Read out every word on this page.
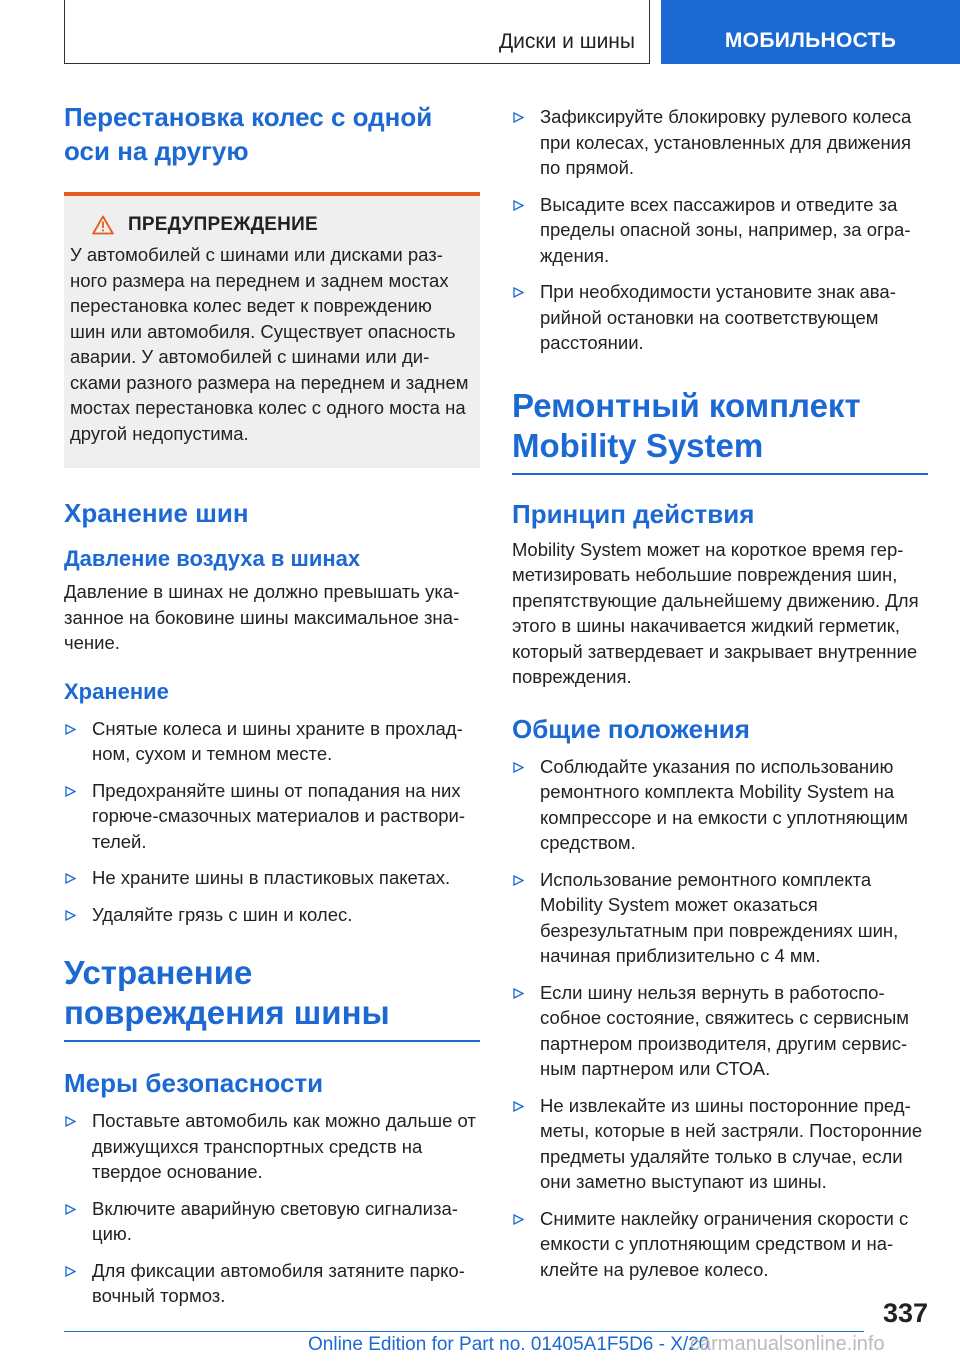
Диски и шины	МОБИЛЬНОСТЬ
Перестановка колес с одной оси на другую
ПРЕДУПРЕЖДЕНИЕ
У автомобилей с шинами или дисками разного размера на переднем и заднем мостах перестановка колес ведет к повреждению шин или автомобиля. Существует опасность аварии. У автомобилей с шинами или дисками разного размера на переднем и заднем мостах перестановка колес с одного моста на другой недопустима.
Хранение шин
Давление воздуха в шинах
Давление в шинах не должно превышать указанное на боковине шины максимальное значение.
Хранение
Снятые колеса и шины храните в прохладном, сухом и темном месте.
Предохраняйте шины от попадания на них горюче-смазочных материалов и растворителей.
Не храните шины в пластиковых пакетах.
Удаляйте грязь с шин и колес.
Устранение повреждения шины
Меры безопасности
Поставьте автомобиль как можно дальше от движущихся транспортных средств на твердое основание.
Включите аварийную световую сигнализацию.
Для фиксации автомобиля затяните парковочный тормоз.
Зафиксируйте блокировку рулевого колеса при колесах, установленных для движения по прямой.
Высадите всех пассажиров и отведите за пределы опасной зоны, например, за ограждения.
При необходимости установите знак аварийной остановки на соответствующем расстоянии.
Ремонтный комплект Mobility System
Принцип действия
Mobility System может на короткое время герметизировать небольшие повреждения шин, препятствующие дальнейшему движению. Для этого в шины накачивается жидкий герметик, который затвердевает и закрывает внутренние повреждения.
Общие положения
Соблюдайте указания по использованию ремонтного комплекта Mobility System на компрессоре и на емкости с уплотняющим средством.
Использование ремонтного комплекта Mobility System может оказаться безрезультатным при повреждениях шин, начиная приблизительно с 4 мм.
Если шину нельзя вернуть в работоспособное состояние, свяжитесь с сервисным партнером производителя, другим сервисным партнером или СТОА.
Не извлекайте из шины посторонние предметы, которые в ней застряли. Посторонние предметы удаляйте только в случае, если они заметно выступают из шины.
Снимите наклейку ограничения скорости с емкости с уплотняющим средством и наклейте на рулевое колесо.
337
Online Edition for Part no. 01405A1F5D6 - X/20
carmanualsonline.info
